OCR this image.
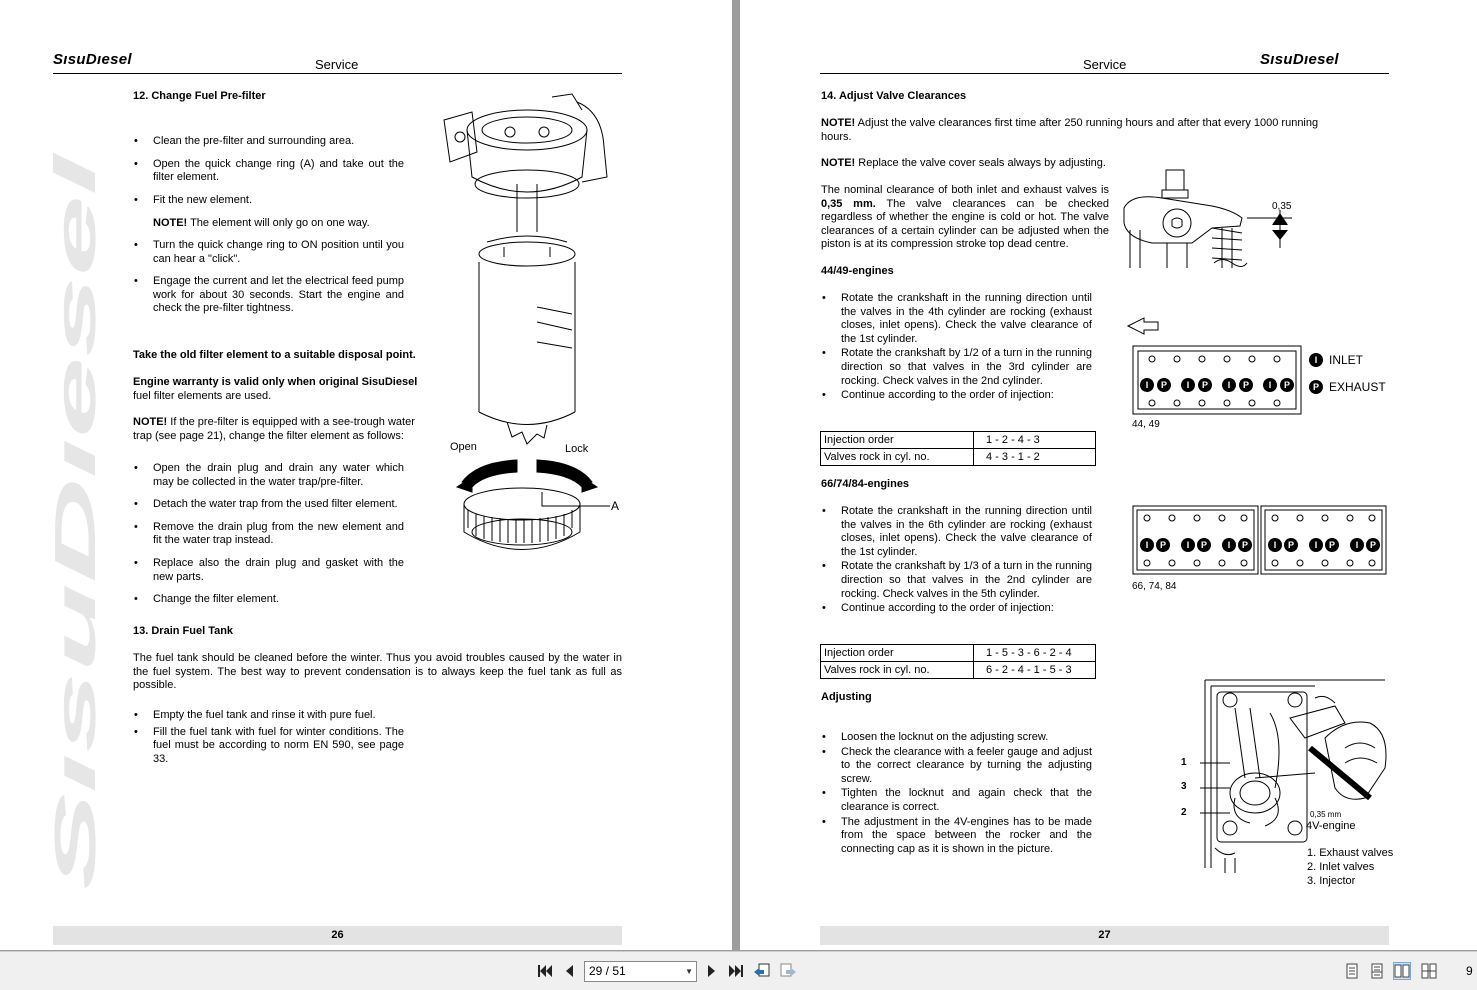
SısuDıesel	Service
SısuDıesel
12. Change Fuel Pre-filter
• Clean the pre-filter and surrounding area.
• Open the quick change ring (A) and take out the filter element.
• Fit the new element.
NOTE! The element will only go on one way.
• Turn the quick change ring to ON position until you can hear a "click".
• Engage the current and let the electrical feed pump work for about 30 seconds. Start the engine and check the pre-filter tightness.
Take the old filter element to a suitable disposal point.
Engine warranty is valid only when original SisuDiesel
fuel filter elements are used.
NOTE! If the pre-filter is equipped with a see-trough water trap (see page 21), change the filter element as follows:
• Open the drain plug and drain any water which may be collected in the water trap/pre-filter.
• Detach the water trap from the used filter element.
• Remove the drain plug from the new element and fit the water trap instead.
• Replace also the drain plug and gasket with the new parts.
• Change the filter element.
13. Drain Fuel Tank
The fuel tank should be cleaned before the winter. Thus you avoid troubles caused by the water in the fuel system. The best way to prevent condensation is to always keep the fuel tank as full as possible.
• Empty the fuel tank and rinse it with pure fuel.
• Fill the fuel tank with fuel for winter conditions. The fuel must be according to norm EN 590, see page 33.
Open	Lock
A
26
Service	SısuDıesel
14. Adjust Valve Clearances
NOTE! Adjust the valve clearances first time after 250 running hours and after that every 1000 running hours.
NOTE! Replace the valve cover seals always by adjusting.
The nominal clearance of both inlet and exhaust valves is 0,35 mm. The valve clearances can be checked regardless of whether the engine is cold or hot. The valve clearances of a certain cylinder can be adjusted when the piston is at its compression stroke top dead centre.
0,35
44/49-engines
• Rotate the crankshaft in the running direction until the valves in the 4th cylinder are rocking (exhaust closes, inlet opens). Check the valve clearance of the 1st cylinder.
• Rotate the crankshaft by 1/2 of a turn in the running direction so that valves in the 3rd cylinder are rocking. Check valves in the 2nd cylinder.
• Continue according to the order of injection:
Injection order	1 - 2 - 4 - 3
Valves rock in cyl. no.	4 - 3 - 1 - 2
I P I P I P I P
I INLET
P EXHAUST
44, 49
66/74/84-engines
• Rotate the crankshaft in the running direction until the valves in the 6th cylinder are rocking (exhaust closes, inlet opens). Check the valve clearance of the 1st cylinder.
• Rotate the crankshaft by 1/3 of a turn in the running direction so that valves in the 2nd cylinder are rocking. Check valves in the 5th cylinder.
• Continue according to the order of injection:
I P I P I P	I P I P I P
66, 74, 84
Injection order	1 - 5 - 3 - 6 - 2 - 4
Valves rock in cyl. no.	6 - 2 - 4 - 1 - 5 - 3
Adjusting
• Loosen the locknut on the adjusting screw.
• Check the clearance with a feeler gauge and adjust to the correct clearance by turning the adjusting screw.
• Tighten the locknut and again check that the clearance is correct.
• The adjustment in the 4V-engines has to be made from the space between the rocker and the connecting cap as it is shown in the picture.
1
3
2	0,35 mm
4V-engine
1. Exhaust valves
2. Inlet valves
3. Injector
27
29 / 51	▼	9
